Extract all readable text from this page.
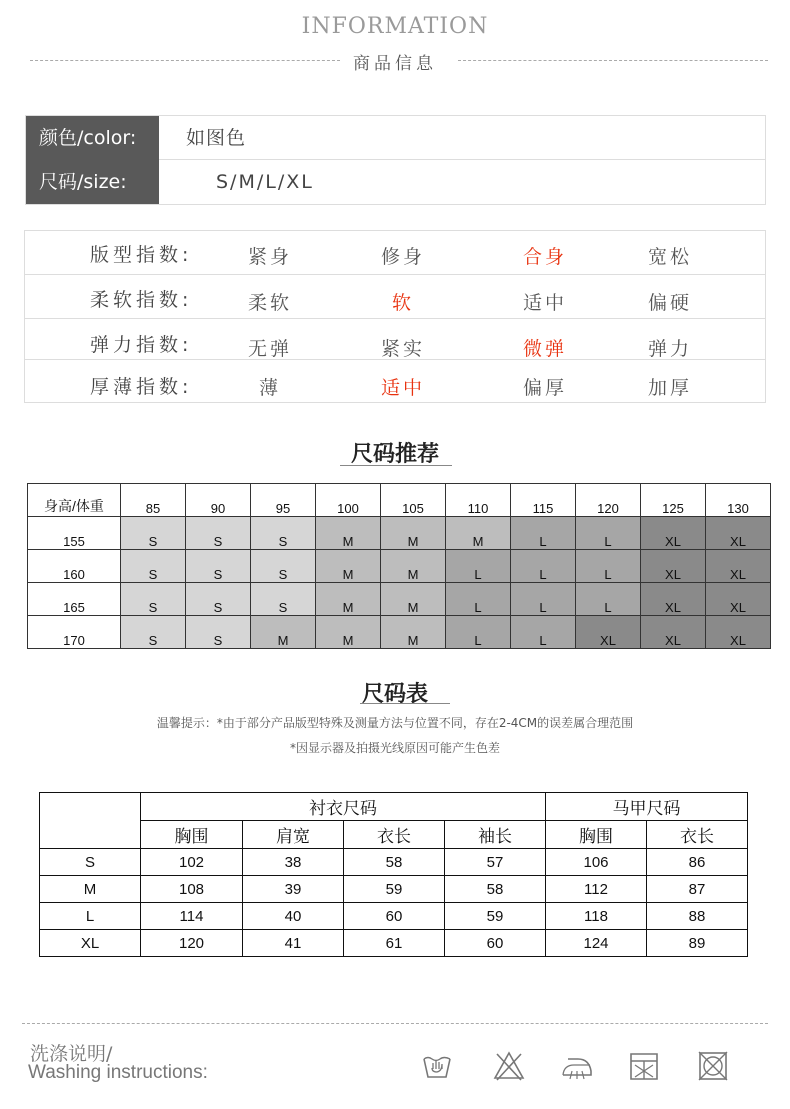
INFORMATION
商品信息
颜色/color:	如图色
尺码/size:	S/M/L/XL
版型指数:	紧身	修身	合身	宽松
柔软指数:	柔软	软	适中	偏硬
弹力指数:	无弹	紧实	微弹	弹力
厚薄指数:	薄	适中	偏厚	加厚
尺码推荐
身高/体重	85	90	95	100	105	110	115	120	125	130
155	S	S	S	M	M	M	L	L	XL	XL
160	S	S	S	M	M	L	L	L	XL	XL
165	S	S	S	M	M	L	L	L	XL	XL
170	S	S	M	M	M	L	L	XL	XL	XL
尺码表
温馨提示：*由于部分产品版型特殊及测量方法与位置不同，存在2-4CM的误差属合理范围
*因显示器及拍摄光线原因可能产生色差
	衬衣尺码				马甲尺码	
	胸围	肩宽	衣长	袖长	胸围	衣长
S	102	38	58	57	106	86
M	108	39	59	58	112	87
L	114	40	60	59	118	88
XL	120	41	61	60	124	89
洗涤说明/
Washing instructions:
